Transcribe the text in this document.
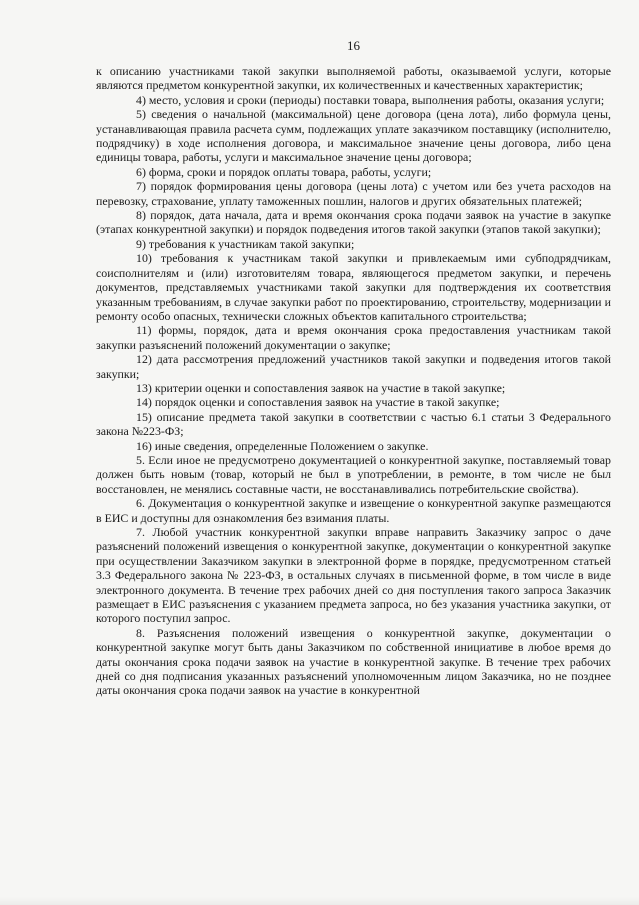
16

к описанию участниками такой закупки выполняемой работы, оказываемой услуги, которые являются предметом конкурентной закупки, их количественных и качественных характеристик;

4) место, условия и сроки (периоды) поставки товара, выполнения работы, оказания услуги;

5) сведения о начальной (максимальной) цене договора (цена лота), либо формула цены, устанавливающая правила расчета сумм, подлежащих уплате заказчиком поставщику (исполнителю, подрядчику) в ходе исполнения договора, и максимальное значение цены договора, либо цена единицы товара, работы, услуги и максимальное значение цены договора;

6) форма, сроки и порядок оплаты товара, работы, услуги;

7) порядок формирования цены договора (цены лота) с учетом или без учета расходов на перевозку, страхование, уплату таможенных пошлин, налогов и других обязательных платежей;

8) порядок, дата начала, дата и время окончания срока подачи заявок на участие в закупке (этапах конкурентной закупки) и порядок подведения итогов такой закупки (этапов такой закупки);

9) требования к участникам такой закупки;

10) требования к участникам такой закупки и привлекаемым ими субподрядчикам, соисполнителям и (или) изготовителям товара, являющегося предметом закупки, и перечень документов, представляемых участниками такой закупки для подтверждения их соответствия указанным требованиям, в случае закупки работ по проектированию, строительству, модернизации и ремонту особо опасных, технически сложных объектов капитального строительства;

11) формы, порядок, дата и время окончания срока предоставления участникам такой закупки разъяснений положений документации о закупке;

12) дата рассмотрения предложений участников такой закупки и подведения итогов такой закупки;

13) критерии оценки и сопоставления заявок на участие в такой закупке;

14) порядок оценки и сопоставления заявок на участие в такой закупке;

15) описание предмета такой закупки в соответствии с частью 6.1 статьи 3 Федерального закона №223-ФЗ;

16) иные сведения, определенные Положением о закупке.

5. Если иное не предусмотрено документацией о конкурентной закупке, поставляемый товар должен быть новым (товар, который не был в употреблении, в ремонте, в том числе не был восстановлен, не менялись составные части, не восстанавливались потребительские свойства).

6. Документация о конкурентной закупке и извещение о конкурентной закупке размещаются в ЕИС и доступны для ознакомления без взимания платы.

7. Любой участник конкурентной закупки вправе направить Заказчику запрос о даче разъяснений положений извещения о конкурентной закупке, документации о конкурентной закупке при осуществлении Заказчиком закупки в электронной форме в порядке, предусмотренном статьей 3.3 Федерального закона № 223-ФЗ, в остальных случаях в письменной форме, в том числе в виде электронного документа. В течение трех рабочих дней со дня поступления такого запроса Заказчик размещает в ЕИС разъяснения с указанием предмета запроса, но без указания участника закупки, от которого поступил запрос.

8. Разъяснения положений извещения о конкурентной закупке, документации о конкурентной закупке могут быть даны Заказчиком по собственной инициативе в любое время до даты окончания срока подачи заявок на участие в конкурентной закупке. В течение трех рабочих дней со дня подписания указанных разъяснений уполномоченным лицом Заказчика, но не позднее даты окончания срока подачи заявок на участие в конкурентной
